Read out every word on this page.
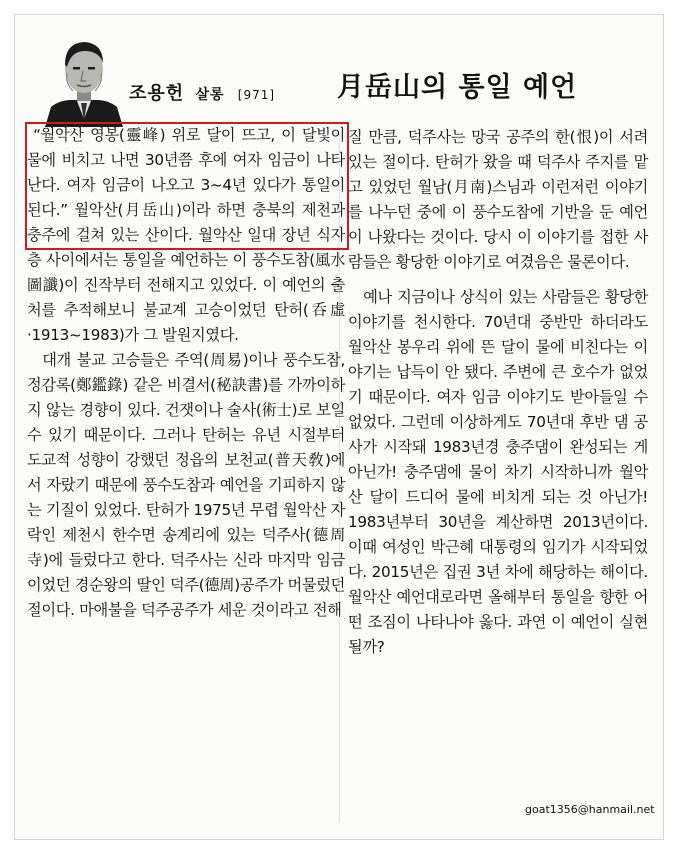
조용헌 살롱 [971] 月岳山의 통일 예언

“월악산 영봉(靈峰) 위로 달이 뜨고, 이 달빛이 물에 비치고 나면 30년쯤 후에 여자 임금이 나타난다. 여자 임금이 나오고 3~4년 있다가 통일이 된다.” 월악산(月岳山)이라 하면 충북의 제천과 충주에 걸쳐 있는 산이다. 월악산 일대 장년 식자층 사이에서는 통일을 예언하는 이 풍수도참(風水圖讖)이 진작부터 전해지고 있었다. 이 예언의 출처를 추적해보니 불교계 고승이었던 탄허(呑虛·1913~1983)가 그 발원지였다.

대개 불교 고승들은 주역(周易)이나 풍수도참, 정감록(鄭鑑錄) 같은 비결서(秘訣書)를 가까이하지 않는 경향이 있다. 건잿이나 술사(術士)로 보일 수 있기 때문이다. 그러나 탄허는 유년 시절부터 도교적 성향이 강했던 정읍의 보천교(普天敎)에서 자랐기 때문에 풍수도참과 예언을 기피하지 않는 기질이 있었다. 탄허가 1975년 무렵 월악산 자락인 제천시 한수면 송계리에 있는 덕주사(德周寺)에 들렀다고 한다. 덕주사는 신라 마지막 임금이었던 경순왕의 딸인 덕주(德周)공주가 머물렀던 절이다. 마애불을 덕주공주가 세운 것이라고 전해

질 만큼, 덕주사는 망국 공주의 한(恨)이 서려 있는 절이다. 탄허가 왔을 때 덕주사 주지를 맡고 있었던 월남(月南)스님과 이런저런 이야기를 나누던 중에 이 풍수도참에 기반을 둔 예언이 나왔다는 것이다. 당시 이 이야기를 접한 사람들은 황당한 이야기로 여겼음은 물론이다.

예나 지금이나 상식이 있는 사람들은 황당한 이야기를 천시한다. 70년대 중반만 하더라도 월악산 봉우리 위에 뜬 달이 물에 비친다는 이야기는 납득이 안 됐다. 주변에 큰 호수가 없었기 때문이다. 여자 임금 이야기도 받아들일 수 없었다. 그런데 이상하게도 70년대 후반 댐 공사가 시작돼 1983년경 충주댐이 완성되는 게 아닌가! 충주댐에 물이 차기 시작하니까 월악산 달이 드디어 물에 비치게 되는 것 아닌가! 1983년부터 30년을 계산하면 2013년이다. 이때 여성인 박근혜 대통령의 임기가 시작되었다. 2015년은 집권 3년 차에 해당하는 해이다. 월악산 예언대로라면 올해부터 통일을 향한 어떤 조짐이 나타나야 옳다. 과연 이 예언이 실현될까?

goat1356@hanmail.net
